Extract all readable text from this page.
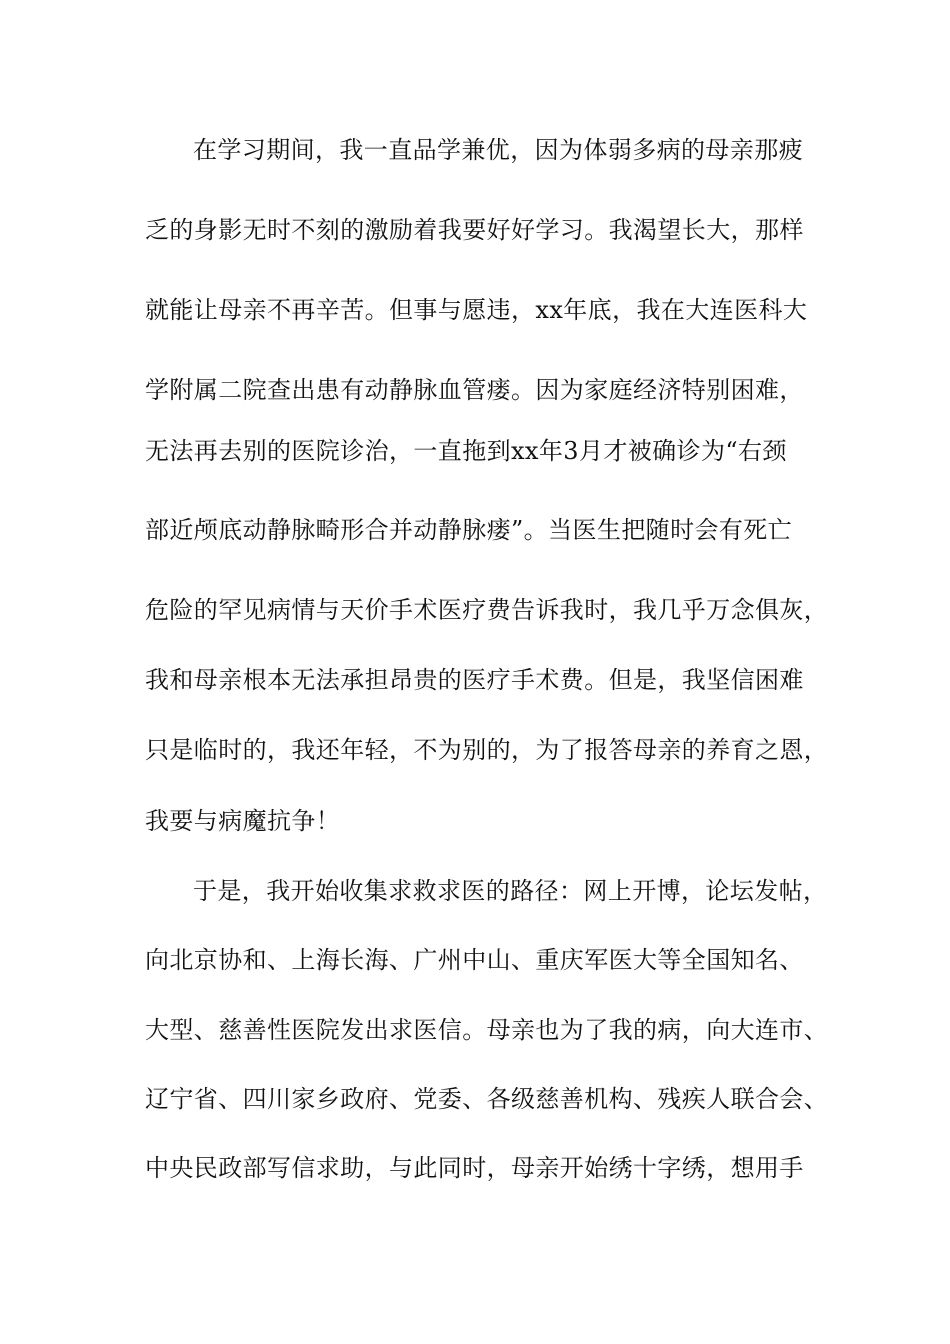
在学习期间，我一直品学兼优，因为体弱多病的母亲那疲
乏的身影无时不刻的激励着我要好好学习。我渴望长大，那样
就能让母亲不再辛苦。但事与愿违，xx年底，我在大连医科大
学附属二院查出患有动静脉血管瘘。因为家庭经济特别困难，
无法再去别的医院诊治，一直拖到xx年3月才被确诊为“右颈
部近颅底动静脉畸形合并动静脉瘘”。当医生把随时会有死亡
危险的罕见病情与天价手术医疗费告诉我时，我几乎万念俱灰，
我和母亲根本无法承担昂贵的医疗手术费。但是，我坚信困难
只是临时的，我还年轻，不为别的，为了报答母亲的养育之恩，
我要与病魔抗争！
于是，我开始收集求救求医的路径：网上开博，论坛发帖，
向北京协和、上海长海、广州中山、重庆军医大等全国知名、
大型、慈善性医院发出求医信。母亲也为了我的病，向大连市、
辽宁省、四川家乡政府、党委、各级慈善机构、残疾人联合会、
中央民政部写信求助，与此同时，母亲开始绣十字绣，想用手
